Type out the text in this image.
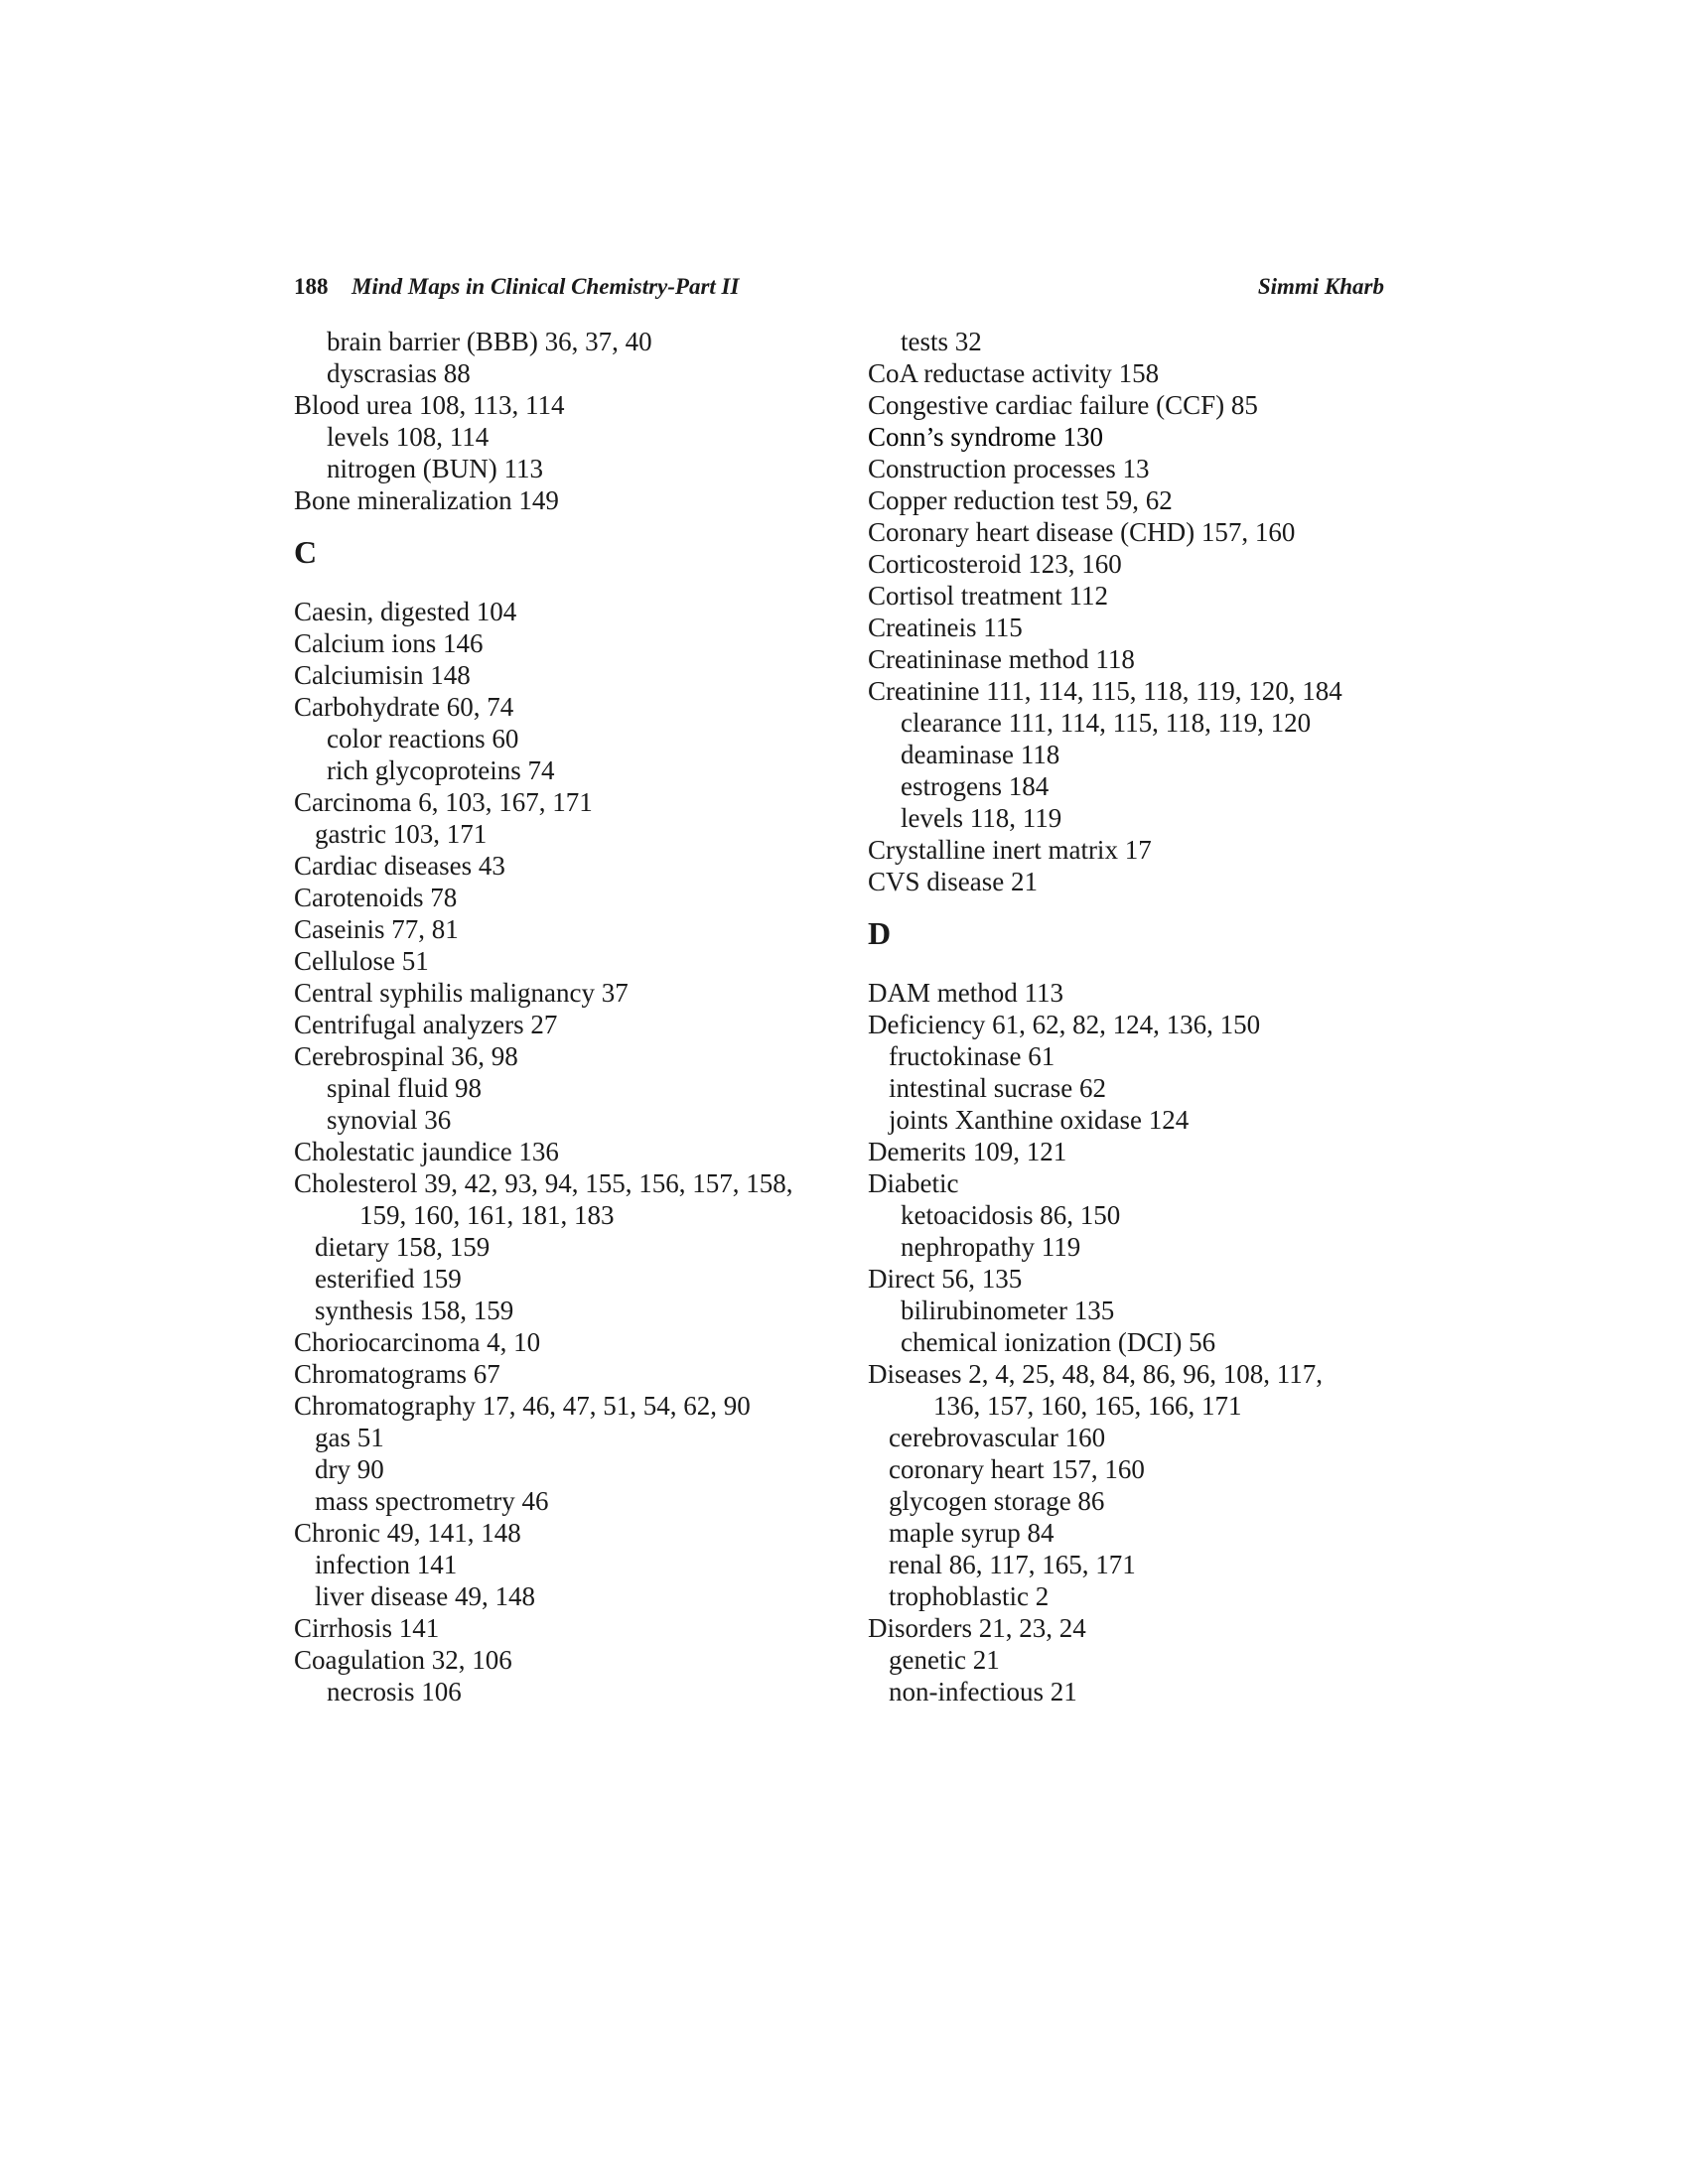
188 Mind Maps in Clinical Chemistry-Part II	Simmi Kharb
brain barrier (BBB) 36, 37, 40
dyscrasias 88
Blood urea 108, 113, 114
levels 108, 114
nitrogen (BUN) 113
Bone mineralization 149
C
Caesin, digested 104
Calcium ions 146
Calciumisin 148
Carbohydrate 60, 74
color reactions 60
rich glycoproteins 74
Carcinoma 6, 103, 167, 171
gastric 103, 171
Cardiac diseases 43
Carotenoids 78
Caseinis 77, 81
Cellulose 51
Central syphilis malignancy 37
Centrifugal analyzers 27
Cerebrospinal 36, 98
spinal fluid 98
synovial 36
Cholestatic jaundice 136
Cholesterol 39, 42, 93, 94, 155, 156, 157, 158,
159, 160, 161, 181, 183
dietary 158, 159
esterified 159
synthesis 158, 159
Choriocarcinoma 4, 10
Chromatograms 67
Chromatography 17, 46, 47, 51, 54, 62, 90
gas 51
dry 90
mass spectrometry 46
Chronic 49, 141, 148
infection 141
liver disease 49, 148
Cirrhosis 141
Coagulation 32, 106
necrosis 106
tests 32
CoA reductase activity 158
Congestive cardiac failure (CCF) 85
Conn’s syndrome 130
Construction processes 13
Copper reduction test 59, 62
Coronary heart disease (CHD) 157, 160
Corticosteroid 123, 160
Cortisol treatment 112
Creatineis 115
Creatininase method 118
Creatinine 111, 114, 115, 118, 119, 120, 184
clearance 111, 114, 115, 118, 119, 120
deaminase 118
estrogens 184
levels 118, 119
Crystalline inert matrix 17
CVS disease 21
D
DAM method 113
Deficiency 61, 62, 82, 124, 136, 150
fructokinase 61
intestinal sucrase 62
joints Xanthine oxidase 124
Demerits 109, 121
Diabetic
ketoacidosis 86, 150
nephropathy 119
Direct 56, 135
bilirubinometer 135
chemical ionization (DCI) 56
Diseases 2, 4, 25, 48, 84, 86, 96, 108, 117,
136, 157, 160, 165, 166, 171
cerebrovascular 160
coronary heart 157, 160
glycogen storage 86
maple syrup 84
renal 86, 117, 165, 171
trophoblastic 2
Disorders 21, 23, 24
genetic 21
non-infectious 21
